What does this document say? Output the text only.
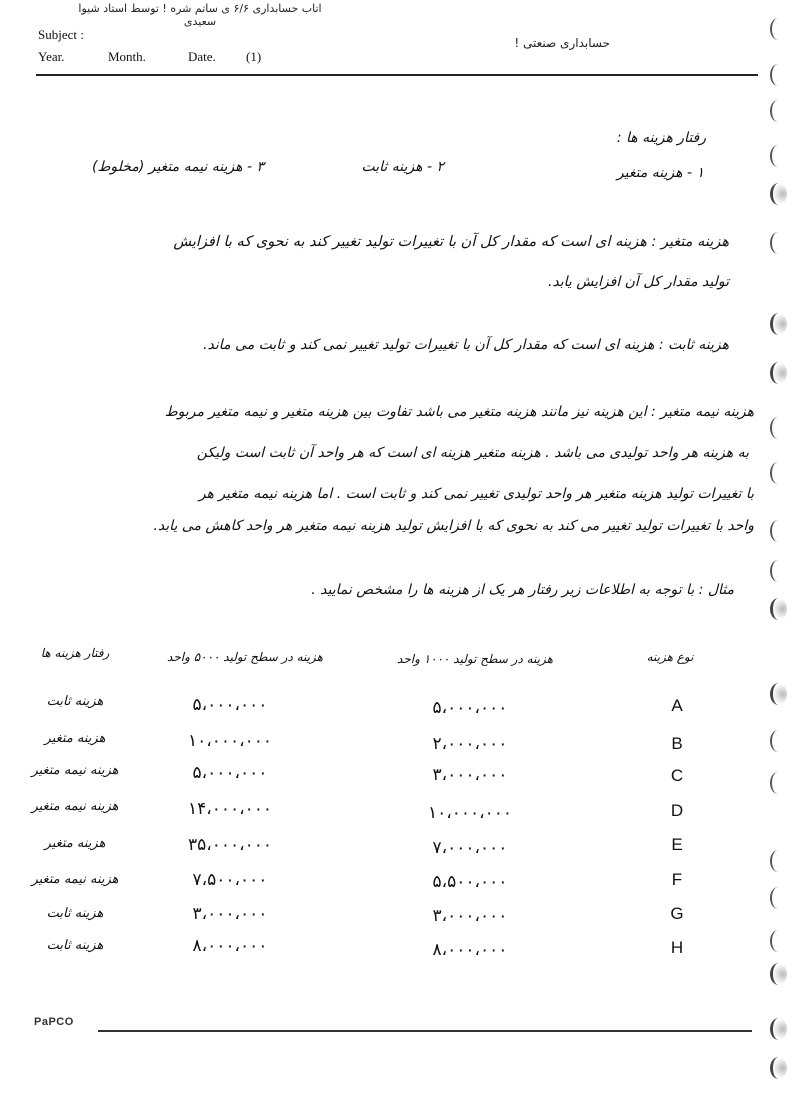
اتاب حسابداری ۶/۶ ی ساتم شره ! توسط استاد شیوا سعیدی
Subject :
Year.	Month.	Date. (1)
حسابداری صنعتی !
رفتار هزینه ها :
۱ - هزینه متغیر
۲ - هزینه ثابت
۳ - هزینه نیمه متغیر (مخلوط)
هزینه متغیر : هزینه ای است که مقدار کل آن با تغییرات تولید تغییر کند به نحوی که با افزایش
تولید مقدار کل آن افزایش یابد.
هزینه ثابت : هزینه ای است که مقدار کل آن با تغییرات تولید تغییر نمی کند و ثابت می ماند.
هزینه نیمه متغیر : این هزینه نیز مانند هزینه متغیر می باشد تفاوت بین هزینه متغیر و نیمه متغیر مربوط
به هزینه هر واحد تولیدی می باشد . هزینه متغیر هزینه ای است که هر واحد آن ثابت است ولیکن
با تغییرات تولید هزینه متغیر هر واحد تولیدی تغییر نمی کند و ثابت است . اما هزینه نیمه متغیر هر
واحد با تغییرات تولید تغییر می کند به نحوی که با افزایش تولید هزینه نیمه متغیر هر واحد کاهش می یابد.
مثال : با توجه به اطلاعات زیر رفتار هر یک از هزینه ها را مشخص نمایید .
نوع هزینه
هزینه در سطح تولید ۱۰۰۰ واحد
هزینه در سطح تولید ۵۰۰۰ واحد
رفتار هزینه ها
A
۵،۰۰۰،۰۰۰
۵،۰۰۰،۰۰۰
هزینه ثابت
B
۲،۰۰۰،۰۰۰
۱۰،۰۰۰،۰۰۰
هزینه متغیر
C
۳،۰۰۰،۰۰۰
۵،۰۰۰،۰۰۰
هزینه نیمه متغیر
D
۱۰،۰۰۰،۰۰۰
۱۴،۰۰۰،۰۰۰
هزینه نیمه متغیر
E
۷،۰۰۰،۰۰۰
۳۵،۰۰۰،۰۰۰
هزینه متغیر
F
۵،۵۰۰،۰۰۰
۷،۵۰۰،۰۰۰
هزینه نیمه متغیر
G
۳،۰۰۰،۰۰۰
۳،۰۰۰،۰۰۰
هزینه ثابت
H
۸،۰۰۰،۰۰۰
۸،۰۰۰،۰۰۰
هزینه ثابت
PaPCO
